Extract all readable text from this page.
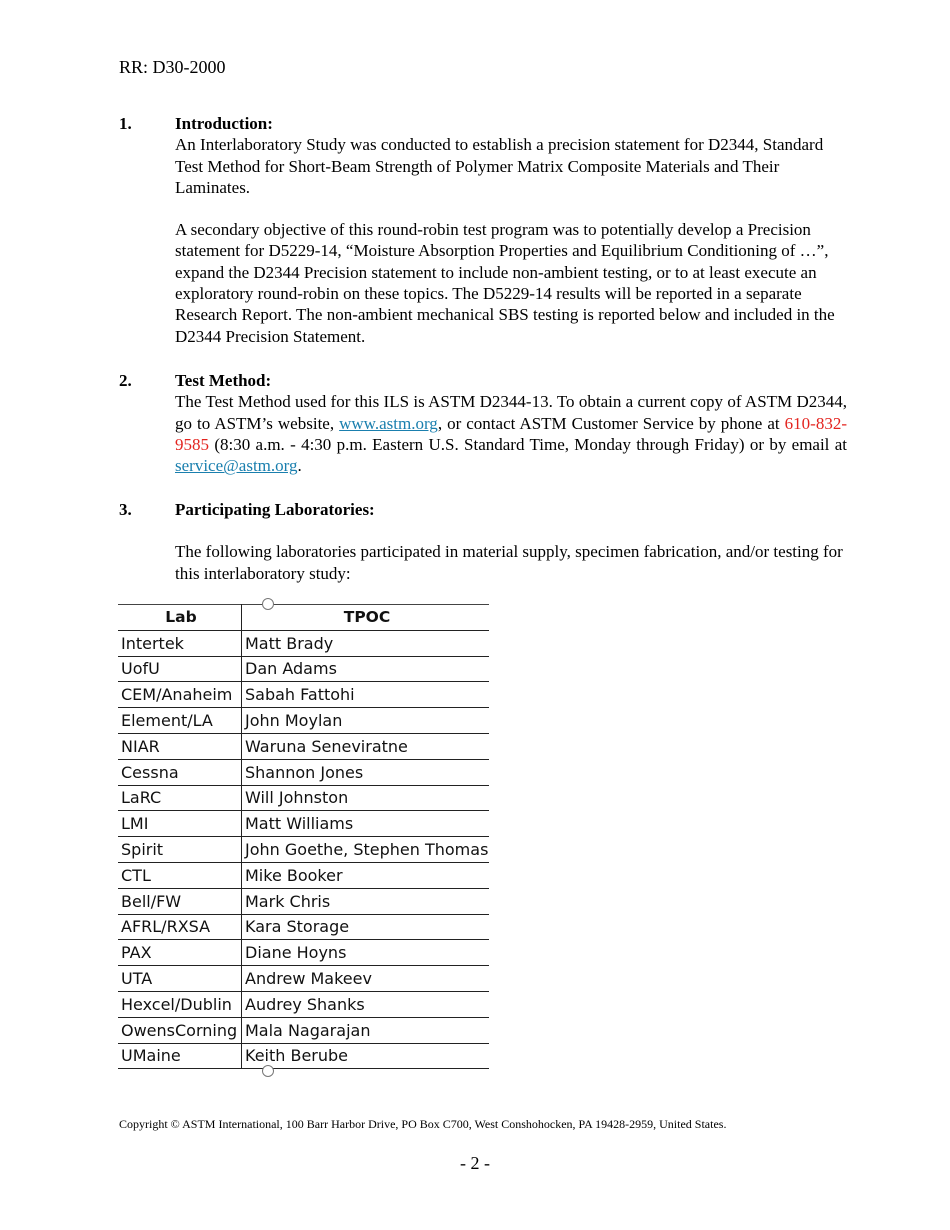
RR: D30-2000
1.	Introduction:

An Interlaboratory Study was conducted to establish a precision statement for D2344, Standard Test Method for Short-Beam Strength of Polymer Matrix Composite Materials and Their Laminates.

A secondary objective of this round-robin test program was to potentially develop a Precision statement for D5229-14, “Moisture Absorption Properties and Equilibrium Conditioning of …”, expand the D2344 Precision statement to include non-ambient testing, or to at least execute an exploratory round-robin on these topics. The D5229-14 results will be reported in a separate Research Report. The non-ambient mechanical SBS testing is reported below and included in the D2344 Precision Statement.

2.	Test Method:

The Test Method used for this ILS is ASTM D2344-13. To obtain a current copy of ASTM D2344, go to ASTM’s website, www.astm.org, or contact ASTM Customer Service by phone at 610-832-9585 (8:30 a.m. - 4:30 p.m. Eastern U.S. Standard Time, Monday through Friday) or by email at service@astm.org.

3.	Participating Laboratories:

The following laboratories participated in material supply, specimen fabrication, and/or testing for this interlaboratory study:

Lab	TPOC
Intertek	Matt Brady
UofU	Dan Adams
CEM/Anaheim	Sabah Fattohi
Element/LA	John Moylan
NIAR	Waruna Seneviratne
Cessna	Shannon Jones
LaRC	Will Johnston
LMI	Matt Williams
Spirit	John Goethe, Stephen Thomas
CTL	Mike Booker
Bell/FW	Mark Chris
AFRL/RXSA	Kara Storage
PAX	Diane Hoyns
UTA	Andrew Makeev
Hexcel/Dublin	Audrey Shanks
OwensCorning	Mala Nagarajan
UMaine	Keith Berube
Copyright © ASTM International, 100 Barr Harbor Drive, PO Box C700, West Conshohocken, PA 19428-2959, United States.
- 2 -
